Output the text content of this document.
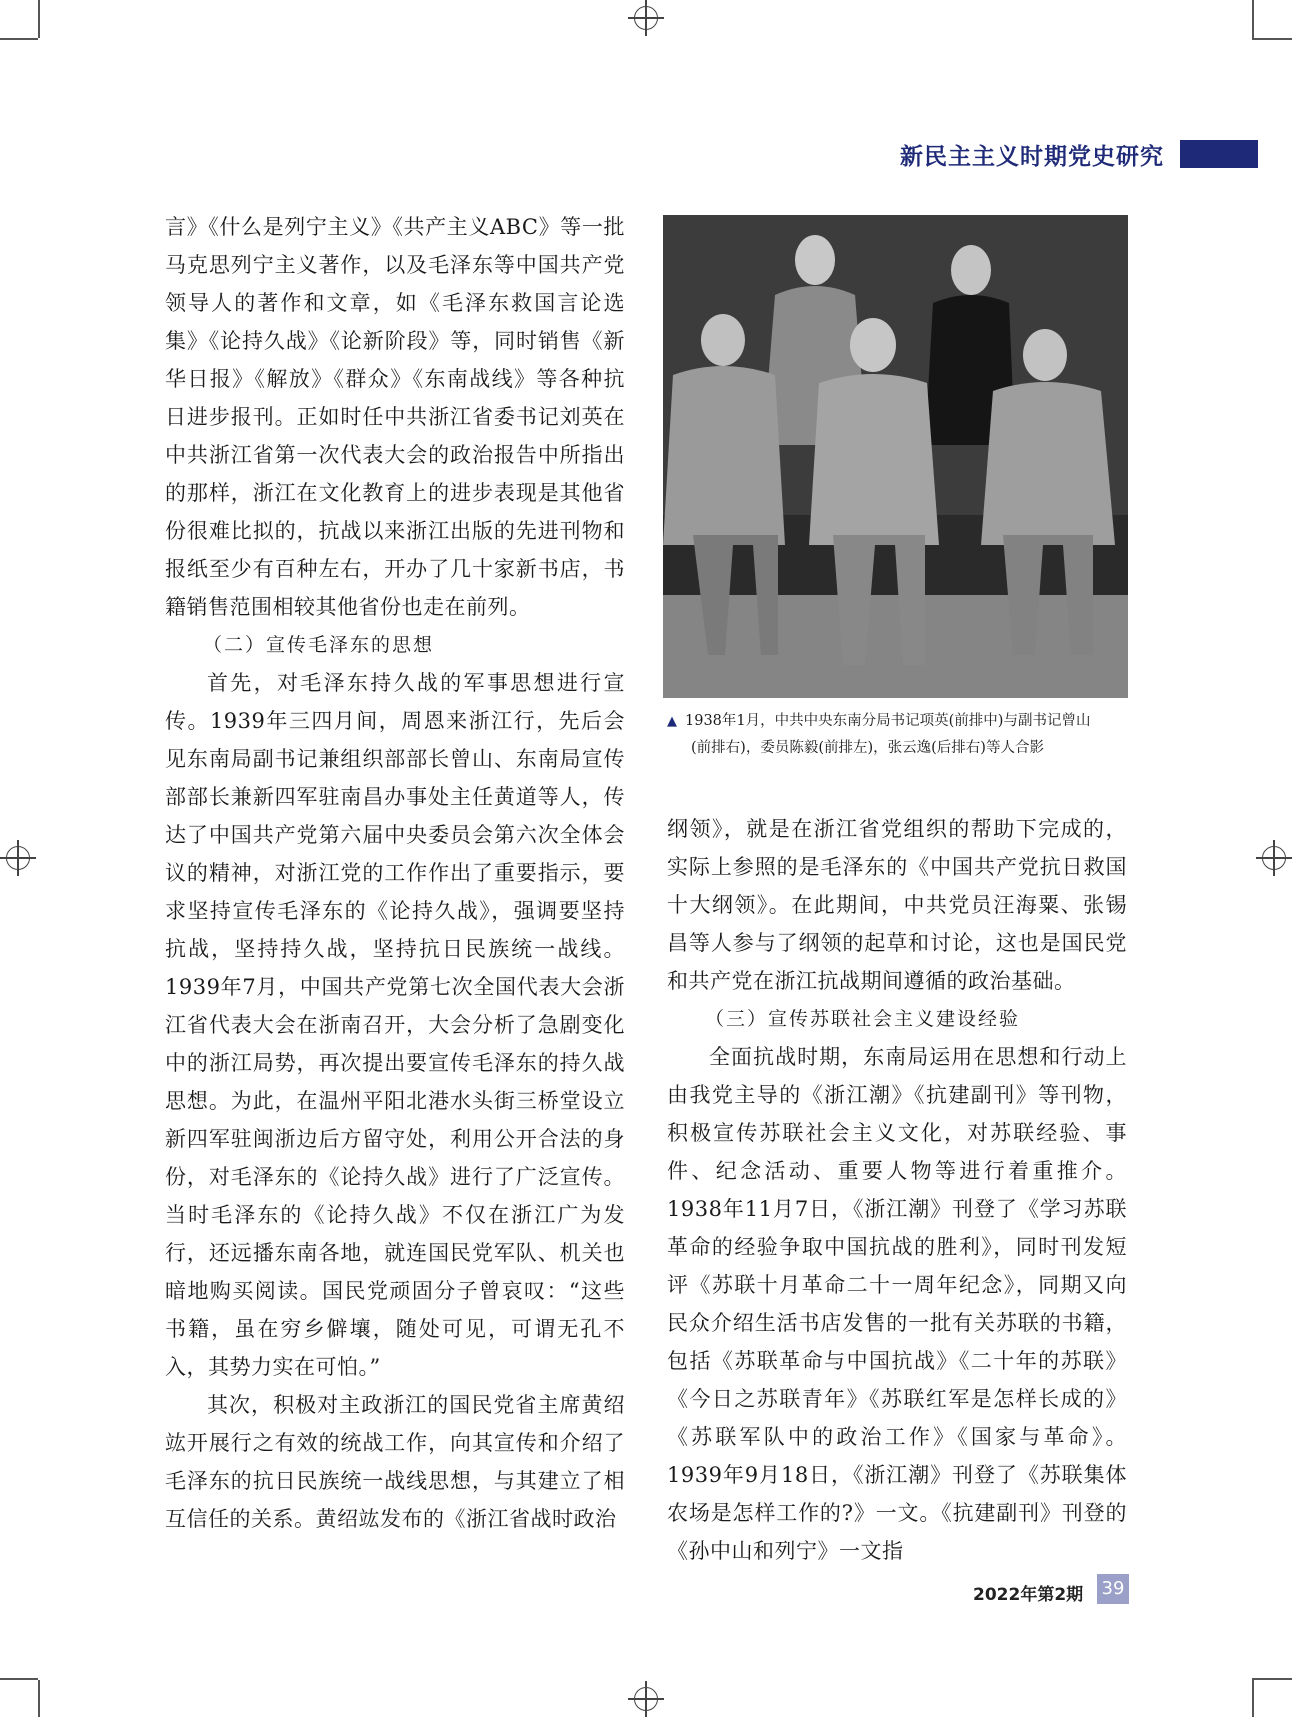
新民主主义时期党史研究

言》《什么是列宁主义》《共产主义ABC》等一批马克思列宁主义著作，以及毛泽东等中国共产党领导人的著作和文章，如《毛泽东救国言论选集》《论持久战》《论新阶段》等，同时销售《新华日报》《解放》《群众》《东南战线》等各种抗日进步报刊。正如时任中共浙江省委书记刘英在中共浙江省第一次代表大会的政治报告中所指出的那样，浙江在文化教育上的进步表现是其他省份很难比拟的，抗战以来浙江出版的先进刊物和报纸至少有百种左右，开办了几十家新书店，书籍销售范围相较其他省份也走在前列。

（二）宣传毛泽东的思想

首先，对毛泽东持久战的军事思想进行宣传。1939年三四月间，周恩来浙江行，先后会见东南局副书记兼组织部部长曾山、东南局宣传部部长兼新四军驻南昌办事处主任黄道等人，传达了中国共产党第六届中央委员会第六次全体会议的精神，对浙江党的工作作出了重要指示，要求坚持宣传毛泽东的《论持久战》，强调要坚持抗战，坚持持久战，坚持抗日民族统一战线。1939年7月，中国共产党第七次全国代表大会浙江省代表大会在浙南召开，大会分析了急剧变化中的浙江局势，再次提出要宣传毛泽东的持久战思想。为此，在温州平阳北港水头街三桥堂设立新四军驻闽浙边后方留守处，利用公开合法的身份，对毛泽东的《论持久战》进行了广泛宣传。当时毛泽东的《论持久战》不仅在浙江广为发行，还远播东南各地，就连国民党军队、机关也暗地购买阅读。国民党顽固分子曾哀叹：“这些书籍，虽在穷乡僻壤，随处可见，可谓无孔不入，其势力实在可怕。”

其次，积极对主政浙江的国民党省主席黄绍竑开展行之有效的统战工作，向其宣传和介绍了毛泽东的抗日民族统一战线思想，与其建立了相互信任的关系。黄绍竑发布的《浙江省战时政治

▲ 1938年1月，中共中央东南分局书记项英(前排中)与副书记曾山
(前排右)，委员陈毅(前排左)，张云逸(后排右)等人合影

纲领》，就是在浙江省党组织的帮助下完成的，实际上参照的是毛泽东的《中国共产党抗日救国十大纲领》。在此期间，中共党员汪海粟、张锡昌等人参与了纲领的起草和讨论，这也是国民党和共产党在浙江抗战期间遵循的政治基础。

（三）宣传苏联社会主义建设经验

全面抗战时期，东南局运用在思想和行动上由我党主导的《浙江潮》《抗建副刊》等刊物，积极宣传苏联社会主义文化，对苏联经验、事件、纪念活动、重要人物等进行着重推介。1938年11月7日，《浙江潮》刊登了《学习苏联革命的经验争取中国抗战的胜利》，同时刊发短评《苏联十月革命二十一周年纪念》，同期又向民众介绍生活书店发售的一批有关苏联的书籍，包括《苏联革命与中国抗战》《二十年的苏联》《今日之苏联青年》《苏联红军是怎样长成的》《苏联军队中的政治工作》《国家与革命》。1939年9月18日，《浙江潮》刊登了《苏联集体农场是怎样工作的?》一文。《抗建副刊》刊登的《孙中山和列宁》一文指

2022年第2期 39
